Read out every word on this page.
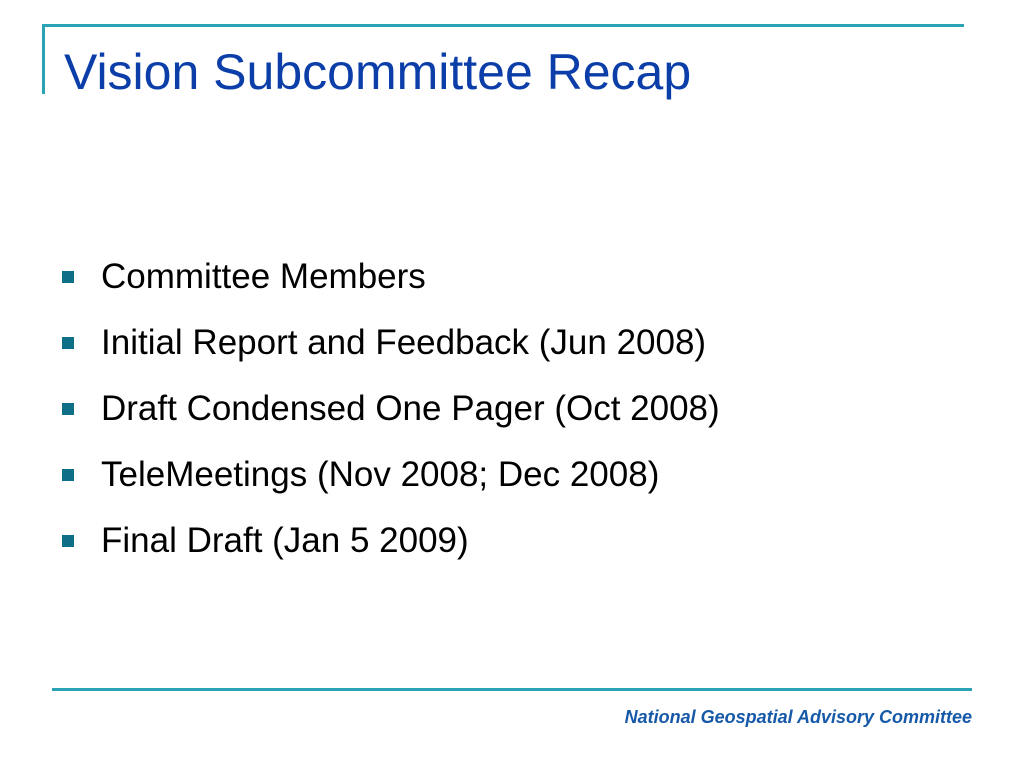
Vision Subcommittee Recap
Committee Members
Initial Report and Feedback (Jun 2008)
Draft Condensed One Pager (Oct 2008)
TeleMeetings (Nov 2008; Dec 2008)
Final Draft (Jan 5 2009)
National Geospatial Advisory Committee
